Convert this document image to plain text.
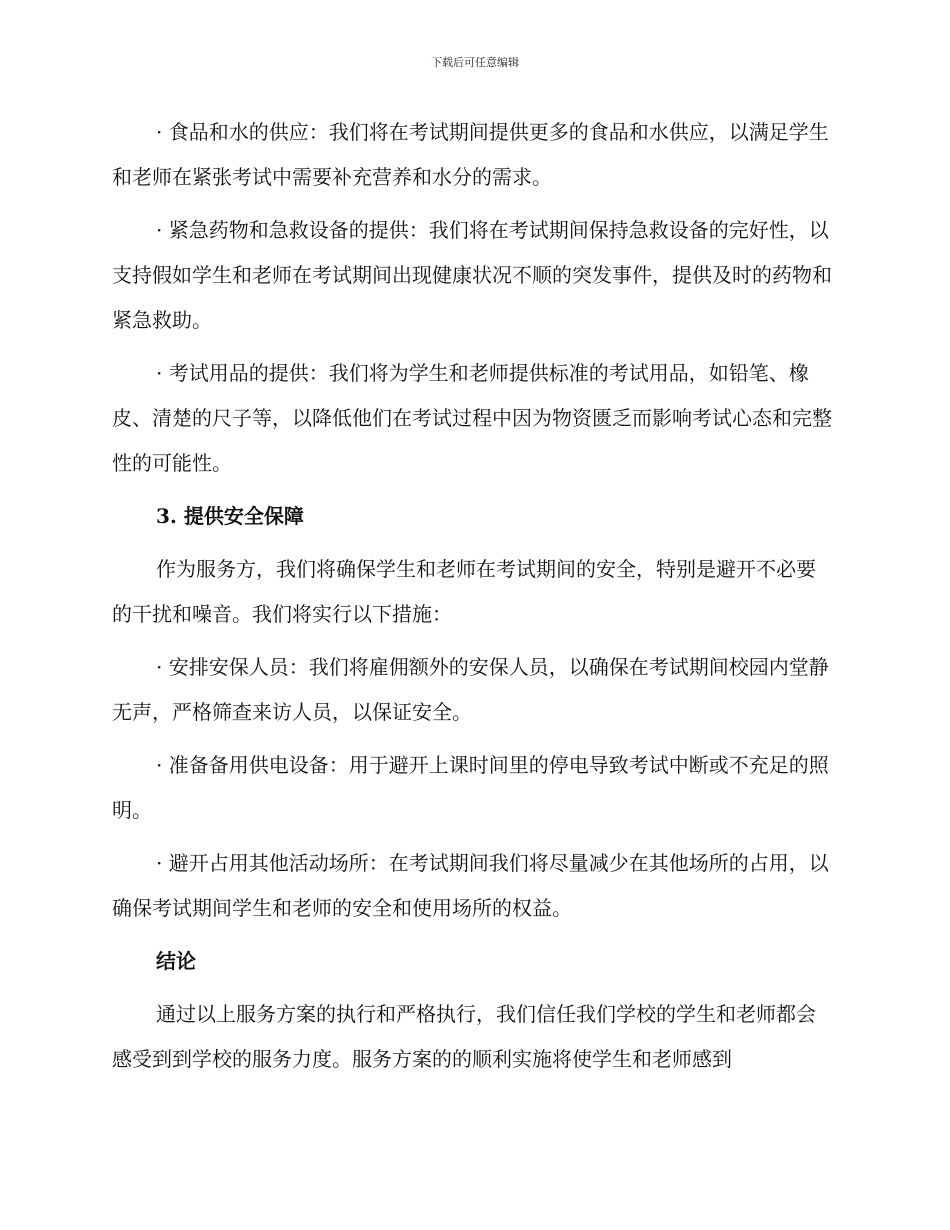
下载后可任意编辑

· 食品和水的供应：我们将在考试期间提供更多的食品和水供应，以满足学生和老师在紧张考试中需要补充营养和水分的需求。

· 紧急药物和急救设备的提供：我们将在考试期间保持急救设备的完好性，以支持假如学生和老师在考试期间出现健康状况不顺的突发事件，提供及时的药物和紧急救助。

· 考试用品的提供：我们将为学生和老师提供标准的考试用品，如铅笔、橡皮、清楚的尺子等，以降低他们在考试过程中因为物资匮乏而影响考试心态和完整性的可能性。

3. 提供安全保障

作为服务方，我们将确保学生和老师在考试期间的安全，特别是避开不必要的干扰和噪音。我们将实行以下措施：

· 安排安保人员：我们将雇佣额外的安保人员，以确保在考试期间校园内堂静无声，严格筛查来访人员，以保证安全。

· 准备备用供电设备：用于避开上课时间里的停电导致考试中断或不充足的照明。

· 避开占用其他活动场所：在考试期间我们将尽量减少在其他场所的占用，以确保考试期间学生和老师的安全和使用场所的权益。

结论

通过以上服务方案的执行和严格执行，我们信任我们学校的学生和老师都会感受到到学校的服务力度。服务方案的的顺利实施将使学生和老师感到
